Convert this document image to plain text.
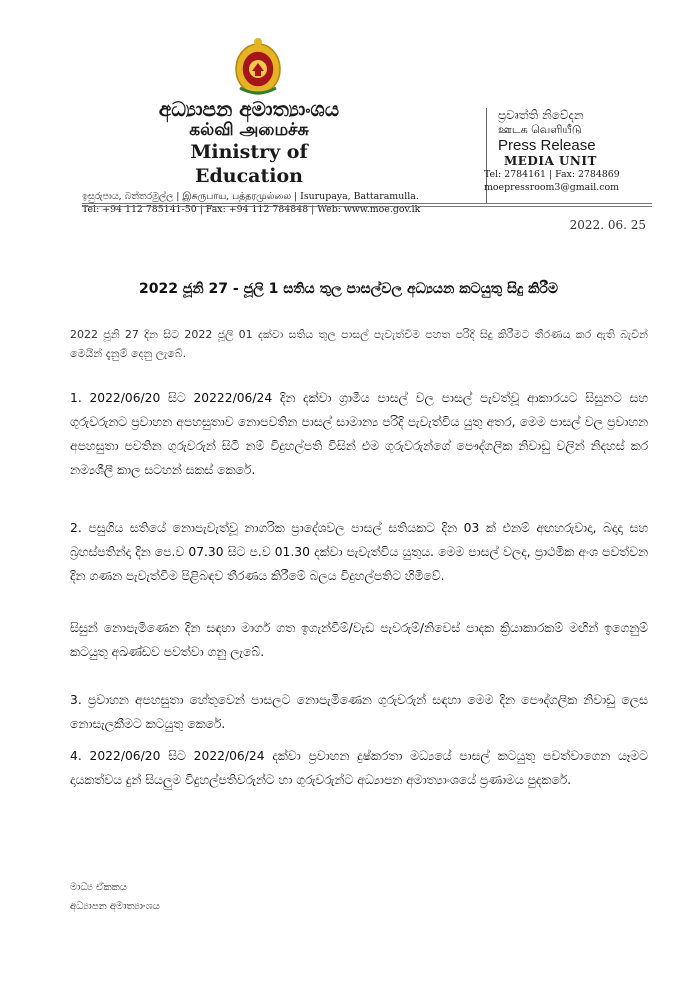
අධ්‍යාපන අමාත්‍යාංශය
கல்வி அமைச்சு
Ministry of Education
ඉසුරුපාය, බත්තරමුල්ල | இசுருபாய, பத்தரமுல்லை | Isurupaya, Battaramulla.
Tel: +94 112 785141-50 | Fax: +94 112 784848 | Web: www.moe.gov.lk
ප්‍රවෘත්ති නිවේදන
ஊடக வெளியீடு
Press Release
MEDIA UNIT
Tel: 2784161 | Fax: 2784869
moepressroom3@gmail.com
2022. 06. 25
2022 ජූනි 27 - ජූලි 1 සතිය තුල පාසල්වල අධ්‍යයන කටයුතු සිදු කිරීම
2022 ජූනි 27 දින සිට 2022 ජූලි 01 දක්වා සතිය තුල පාසල් පැවැත්වීම පහත පරිදි සිදු කිරීමට තීරණය කර ඇති බැවින් මෙයින් දැනුම් දෙනු ලැබේ.
1. 2022/06/20 සිට 20222/06/24 දින දක්වා ග්‍රාමීය පාසල් වල පාසල් පැවත්වූ ආකාරයට සිසුනට සහ ගුරුවරුනට ප්‍රවාහන අපහසුතාව නොපවතින පාසල් සාමාන්‍ය පරිදි පැවැත්විය යුතු අතර, මෙම පාසල් වල ප්‍රවාහන අපහසුතා පවතින ගුරුවරුන් සිටී නම් විදුහල්පති විසින් එම ගුරුවරුන්ගේ පෞද්ගලික නිවාඩු වලින් නිදහස් කර නම්‍යශීලී කාල සටහන් සකස් කෙරේ.
2. පසුගිය සතියේ නොපැවැත්වූ නාගරික ප්‍රාදේශවල පාසල් සතියකට දින 03 ක් එනම් අඟහරුවාදා, බදාදා සහ බ්‍රහස්පතින්දා දින පෙ.ව 07.30 සිට ප.ව 01.30 දක්වා පැවැත්විය යුතුය. මෙම පාසල් වලද, ප්‍රාථමික අංශ පවත්වන දින ගණන පැවැත්වීම පිළිබඳව තීරණය කිරීමේ බලය විදුහල්පතිට හිමිවේ.
සිසුන් නොපැමිණෙන දින සඳහා මාර්ග ගත ඉගැන්වීම්/වැඩ පැවරුම්/නිවෙස් පාදක ක්‍රියාකාරකම් මඟින් ඉගෙනුම් කටයුතු අඛණ්ඩව පවත්වා ගනු ලැබේ.
3. ප්‍රවාහන අපහසුතා හේතුවෙන් පාසලට නොපැමිණෙන ගුරුවරුන් සඳහා මෙම දින පෞද්ගලික නිවාඩු ලෙස නොසැලකීමට කටයුතු කෙරේ.
4. 2022/06/20 සිට 2022/06/24 දක්වා ප්‍රවාහන දුෂ්කරතා මධ්‍යයේ පාසල් කටයුතු පවත්වාගෙන යෑමට දායකත්වය දුන් සියලුම විදුහල්පතිවරුන්ට හා ගුරුවරුන්ට අධ්‍යාපන අමාත්‍යාංශයේ ප්‍රණාමය පුදකරේ.
මාධ්‍ය ඒකකය
අධ්‍යාපන අමාත්‍යාංශය
